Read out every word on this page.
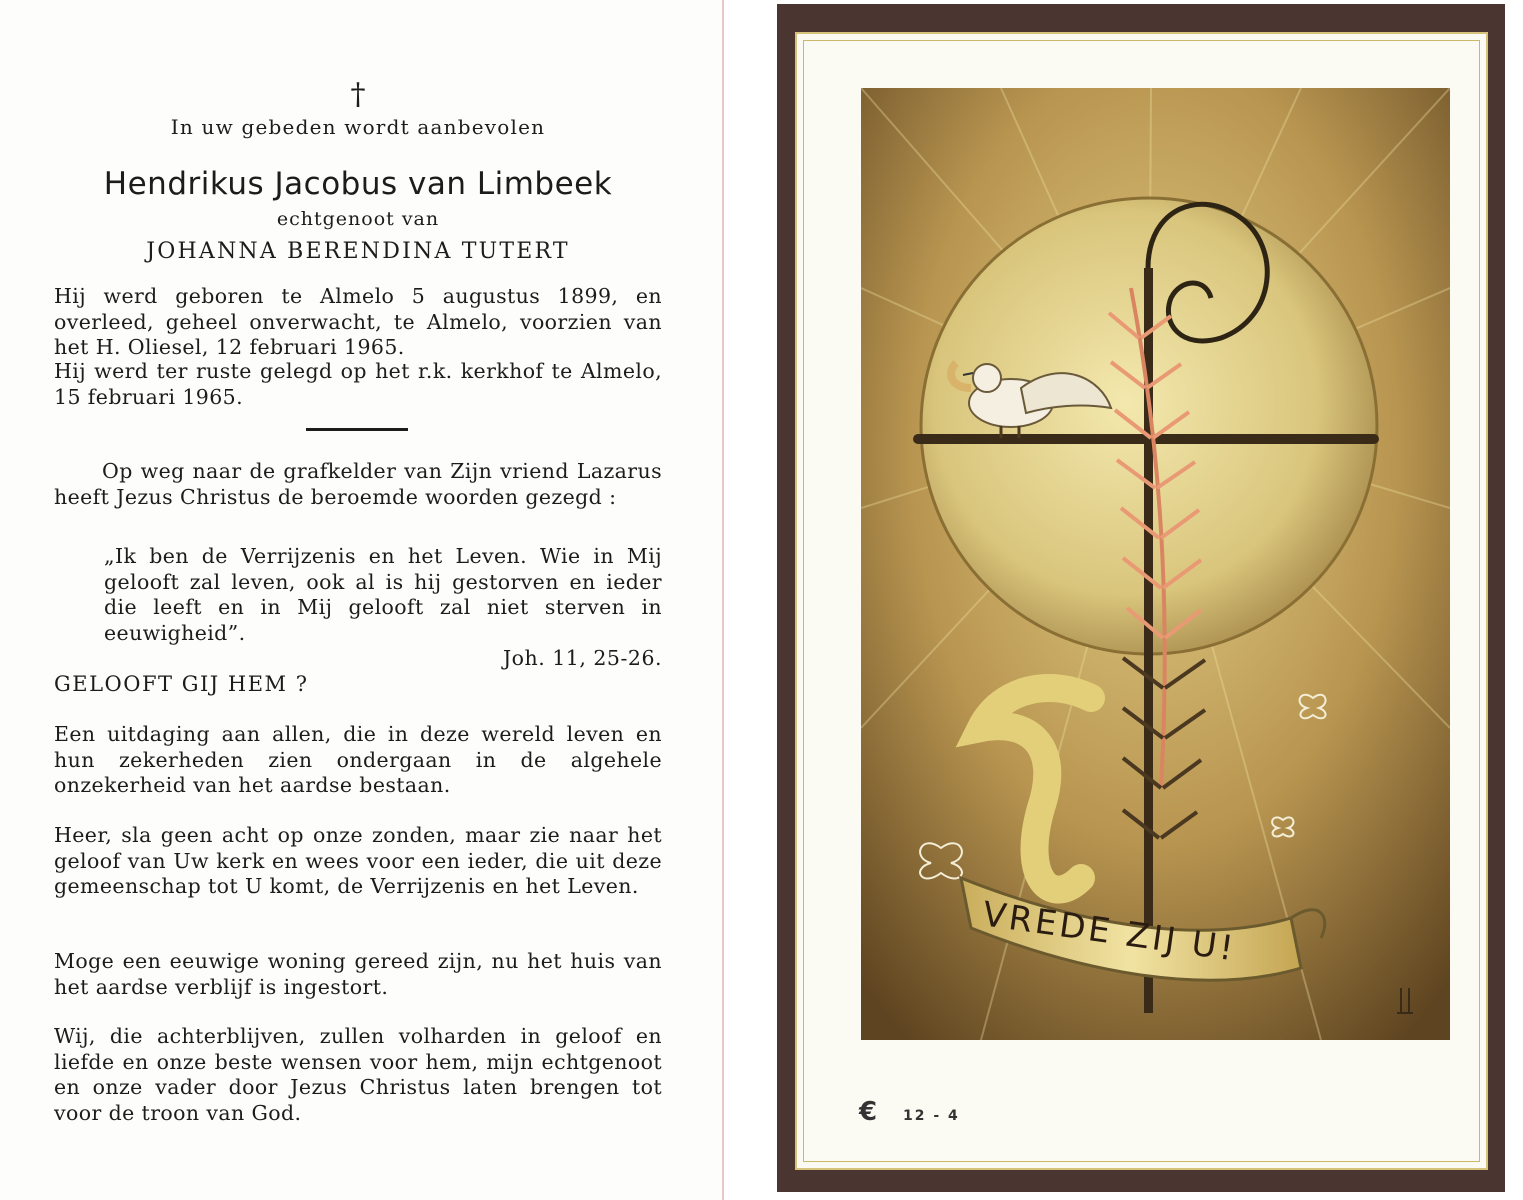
†
In uw gebeden wordt aanbevolen
Hendrikus Jacobus van Limbeek
echtgenoot van
JOHANNA BERENDINA TUTERT
Hij werd geboren te Almelo 5 augustus 1899, en overleed, geheel onverwacht, te Almelo, voorzien van het H. Oliesel, 12 februari 1965.
Hij werd ter ruste gelegd op het r.k. kerkhof te Almelo, 15 februari 1965.
Op weg naar de grafkelder van Zijn vriend Lazarus heeft Jezus Christus de beroemde woorden gezegd :
„Ik ben de Verrijzenis en het Leven. Wie in Mij gelooft zal leven, ook al is hij gestorven en ieder die leeft en in Mij gelooft zal niet sterven in eeuwigheid”.
Joh. 11, 25-26.
GELOOFT GIJ HEM ?
Een uitdaging aan allen, die in deze wereld leven en hun zekerheden zien ondergaan in de algehele onzekerheid van het aardse bestaan.
Heer, sla geen acht op onze zonden, maar zie naar het geloof van Uw kerk en wees voor een ieder, die uit deze gemeenschap tot U komt, de Verrijzenis en het Leven.
Moge een eeuwige woning gereed zijn, nu het huis van het aardse verblijf is ingestort.
Wij, die achterblijven, zullen volharden in geloof en liefde en onze beste wensen voor hem, mijn echtgenoot en onze vader door Jezus Christus laten brengen tot voor de troon van God.
VREDE ZIJ U!
€ 12 - 4
